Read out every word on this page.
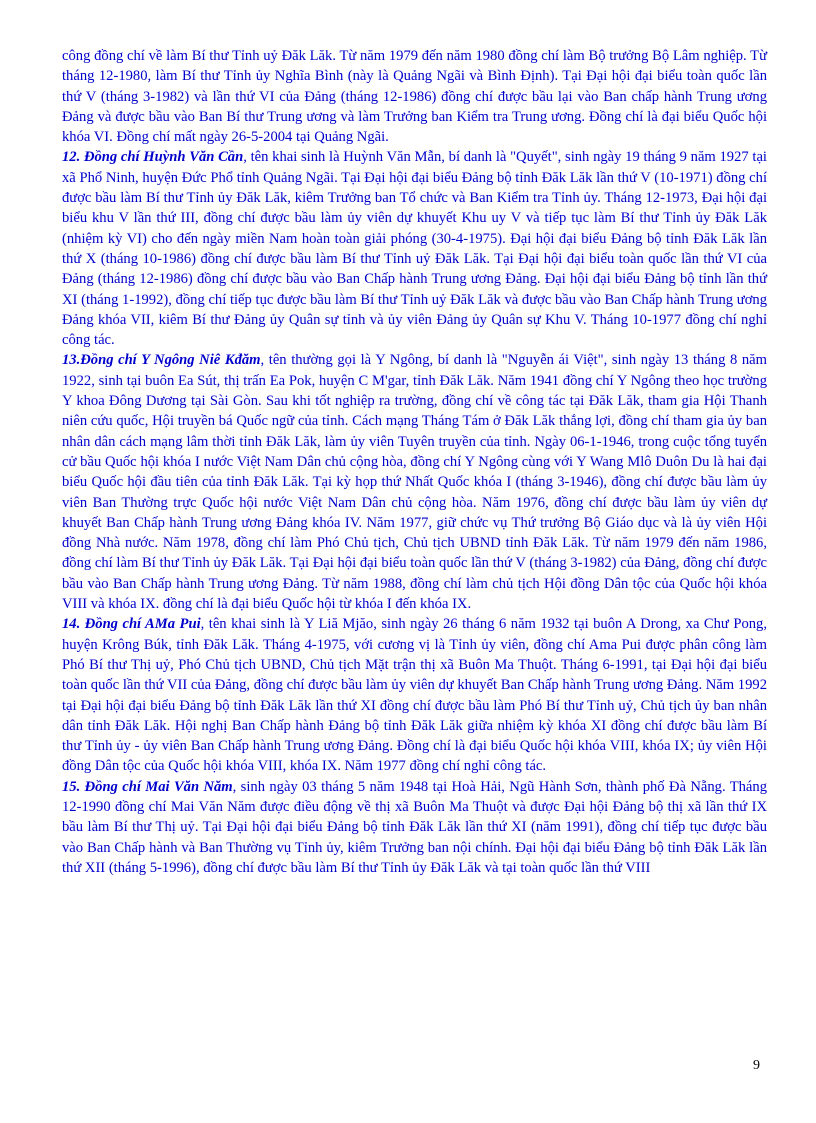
công đồng chí về làm Bí thư Tỉnh uỷ Đăk Lăk. Từ năm 1979 đến năm 1980 đồng chí làm Bộ trưởng Bộ Lâm nghiệp. Từ tháng 12-1980, làm Bí thư Tỉnh ủy Nghĩa Bình (này là Quảng Ngãi và Bình Định). Tại Đại hội đại biểu toàn quốc lần thứ V (tháng 3-1982) và lần thứ VI của Đảng (tháng 12-1986) đồng chí được bầu lại vào Ban chấp hành Trung ương Đảng và được bầu vào Ban Bí thư Trung ương và làm Trưởng ban Kiểm tra Trung ương. Đồng chí là đại biểu Quốc hội khóa VI. Đồng chí mất ngày 26-5-2004 tại Quảng Ngãi.

12. Đồng chí Huỳnh Văn Cần, tên khai sinh là Huỳnh Văn Mẫn, bí danh là "Quyết", sinh ngày 19 tháng 9 năm 1927 tại xã Phổ Ninh, huyện Đức Phổ tỉnh Quảng Ngãi. Tại Đại hội đại biểu Đảng bộ tỉnh Đăk Lăk lần thứ V (10-1971) đồng chí được bầu làm Bí thư Tỉnh ủy Đăk Lăk, kiêm Trưởng ban Tổ chức và Ban Kiểm tra Tỉnh ủy. Tháng 12-1973, Đại hội đại biểu khu V lần thứ III, đồng chí được bầu làm ủy viên dự khuyết Khu uy V và tiếp tục làm Bí thư Tỉnh ủy Đăk Lăk (nhiệm kỳ VI) cho đến ngày miền Nam hoàn toàn giải phóng (30-4-1975). Đại hội đại biểu Đảng bộ tỉnh Đăk Lăk lần thứ X (tháng 10-1986) đồng chí được bầu làm Bí thư Tỉnh uỷ Đăk Lăk. Tại Đại hội đại biểu toàn quốc lần thứ VI của Đảng (tháng 12-1986) đồng chí được bầu vào Ban Chấp hành Trung ương Đảng. Đại hội đại biểu Đảng bộ tỉnh lần thứ XI (tháng 1-1992), đồng chí tiếp tục được bầu làm Bí thư Tỉnh uỷ Đăk Lăk và được bầu vào Ban Chấp hành Trung ương Đảng khóa VII, kiêm Bí thư Đảng ủy Quân sự tỉnh và ủy viên Đảng ủy Quân sự Khu V. Tháng 10-1977 đồng chí nghỉ công tác.

13.Đồng chí Y Ngông Niê Kđăm, tên thường gọi là Y Ngông, bí danh là "Nguyễn ái Việt", sinh ngày 13 tháng 8 năm 1922, sinh tại buôn Ea Sút, thị trấn Ea Pok, huyện C M'gar, tỉnh Đăk Lăk. Năm 1941 đồng chí Y Ngông theo học trường Y khoa Đông Dương tại Sài Gòn. Sau khi tốt nghiệp ra trường, đồng chí về công tác tại Đăk Lăk, tham gia Hội Thanh niên cứu quốc, Hội truyền bá Quốc ngữ của tỉnh. Cách mạng Tháng Tám ở Đăk Lăk thắng lợi, đồng chí tham gia ủy ban nhân dân cách mạng lâm thời tỉnh Đăk Lăk, làm ủy viên Tuyên truyền của tỉnh. Ngày 06-1-1946, trong cuộc tổng tuyển cử bầu Quốc hội khóa I nước Việt Nam Dân chủ cộng hòa, đồng chí Y Ngông cùng với Y Wang Mlô Duôn Du là hai đại biểu Quốc hội đầu tiên của tỉnh Đăk Lăk. Tại kỳ họp thứ Nhất Quốc khóa I (tháng 3-1946), đồng chí được bầu làm ủy viên Ban Thường trực Quốc hội nước Việt Nam Dân chủ cộng hòa. Năm 1976, đồng chí được bầu làm ủy viên dự khuyết Ban Chấp hành Trung ương Đảng khóa IV. Năm 1977, giữ chức vụ Thứ trưởng Bộ Giáo dục và là ủy viên Hội đồng Nhà nước. Năm 1978, đồng chí làm Phó Chủ tịch, Chủ tịch UBND tỉnh Đăk Lăk. Từ năm 1979 đến năm 1986, đồng chí làm Bí thư Tỉnh ủy Đăk Lăk. Tại Đại hội đại biểu toàn quốc lần thứ V (tháng 3-1982) của Đảng, đồng chí được bầu vào Ban Chấp hành Trung ương Đảng. Từ năm 1988, đồng chí làm chủ tịch Hội đồng Dân tộc của Quốc hội khóa VIII và khóa IX. đồng chí là đại biểu Quốc hội từ khóa I đến khóa IX.

14. Đồng chí AMa Pui, tên khai sinh là Y Liă Mjăo, sinh ngày 26 tháng 6 năm 1932 tại buôn A Drong, xa Chư Pong, huyện Krông Búk, tỉnh Đăk Lăk. Tháng 4-1975, với cương vị là Tỉnh ủy viên, đồng chí Ama Pui được phân công làm Phó Bí thư Thị uỷ, Phó Chủ tịch UBND, Chủ tịch Mặt trận thị xã Buôn Ma Thuột. Tháng 6-1991, tại Đại hội đại biểu toàn quốc lần thứ VII của Đảng, đồng chí được bầu làm ủy viên dự khuyết Ban Chấp hành Trung ương Đảng. Năm 1992 tại Đại hội đại biểu Đảng bộ tỉnh Đăk Lăk lần thứ XI đồng chí được bầu làm Phó Bí thư Tỉnh uỷ, Chủ tịch ủy ban nhân dân tỉnh Đăk Lăk. Hội nghị Ban Chấp hành Đảng bộ tỉnh Đăk Lăk giữa nhiệm kỳ khóa XI đồng chí được bầu làm Bí thư Tỉnh ủy - ủy viên Ban Chấp hành Trung ương Đảng. Đồng chí là đại biểu Quốc hội khóa VIII, khóa IX; ủy viên Hội đồng Dân tộc của Quốc hội khóa VIII, khóa IX. Năm 1977 đồng chí nghỉ công tác.

15. Đồng chí Mai Văn Năm, sinh ngày 03 tháng 5 năm 1948 tại Hoà Hải, Ngũ Hành Sơn, thành phố Đà Nẵng. Tháng 12-1990 đồng chí Mai Văn Năm được điều động về thị xã Buôn Ma Thuột và được Đại hội Đảng bộ thị xã lần thứ IX bầu làm Bí thư Thị uỷ. Tại Đại hội đại biểu Đảng bộ tỉnh Đăk Lăk lần thứ XI (năm 1991), đồng chí tiếp tục được bầu vào Ban Chấp hành và Ban Thường vụ Tỉnh ủy, kiêm Trưởng ban nội chính. Đại hội đại biểu Đảng bộ tỉnh Đăk Lăk lần thứ XII (tháng 5-1996), đồng chí được bầu làm Bí thư Tỉnh ủy Đăk Lăk và tại toàn quốc lần thứ VIII

9
